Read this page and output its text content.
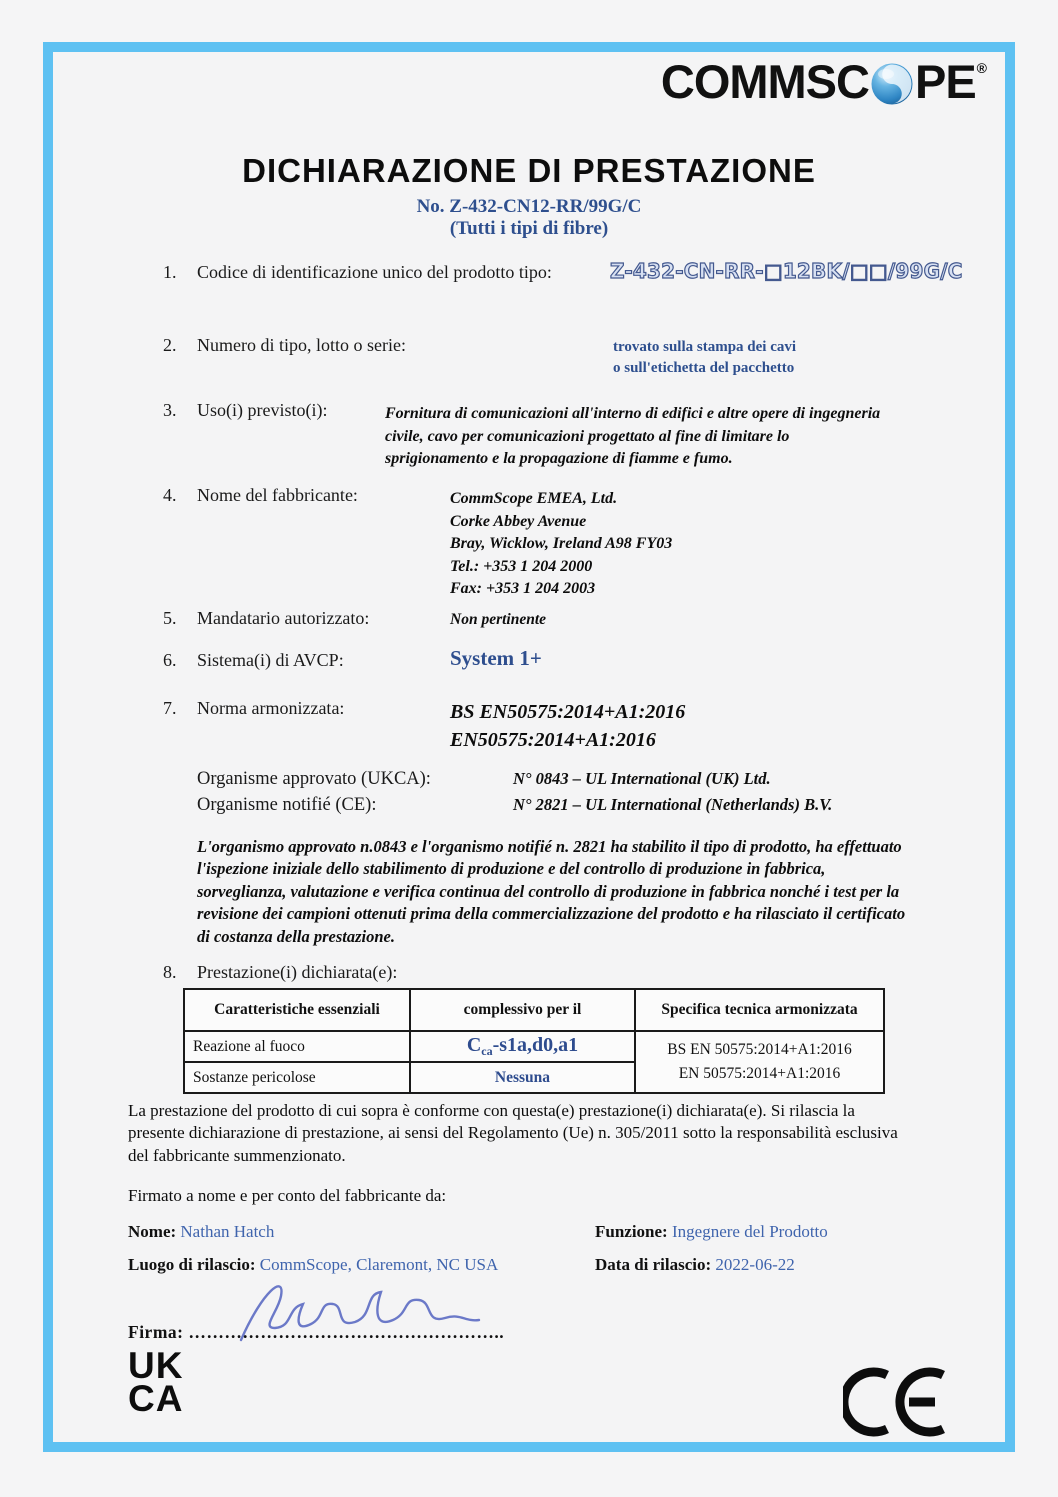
COMMSC PE®
DICHIARAZIONE DI PRESTAZIONE
No. Z-432-CN12-RR/99G/C
(Tutti i tipi di fibre)
1. Codice di identificazione unico del prodotto tipo:	Z-432-CN-RR-□12BK/□□/99G/C
2. Numero di tipo, lotto o serie:	trovato sulla stampa dei cavi
o sull'etichetta del pacchetto
3. Uso(i) previsto(i):	Fornitura di comunicazioni all'interno di edifici e altre opere di ingegneria civile, cavo per comunicazioni progettato al fine di limitare lo sprigionamento e la propagazione di fiamme e fumo.
4. Nome del fabbricante:	CommScope EMEA, Ltd.
Corke Abbey Avenue
Bray, Wicklow, Ireland A98 FY03
Tel.: +353 1 204 2000
Fax: +353 1 204 2003
5. Mandatario autorizzato:	Non pertinente
6. Sistema(i) di AVCP:	System 1+
7. Norma armonizzata:	BS EN50575:2014+A1:2016
EN50575:2014+A1:2016
Organisme approvato (UKCA):	N° 0843 – UL International (UK) Ltd.
Organisme notifié (CE):	N° 2821 – UL International (Netherlands) B.V.
L'organismo approvato n.0843 e l'organismo notifié n. 2821 ha stabilito il tipo di prodotto, ha effettuato l'ispezione iniziale dello stabilimento di produzione e del controllo di produzione in fabbrica, sorveglianza, valutazione e verifica continua del controllo di produzione in fabbrica nonché i test per la revisione dei campioni ottenuti prima della commercializzazione del prodotto e ha rilasciato il certificato di costanza della prestazione.
8. Prestazione(i) dichiarata(e):
Caratteristiche essenziali	complessivo per il	Specifica tecnica armonizzata
Reazione al fuoco	$C_{ca}-s1a,d0,a1$	BS EN 50575:2014+A1:2016
EN 50575:2014+A1:2016

Sostanze pericolose	Nessuna	
La prestazione del prodotto di cui sopra è conforme con questa(e) prestazione(i) dichiarata(e). Si rilascia la presente dichiarazione di prestazione, ai sensi del Regolamento (Ue) n. 305/2011 sotto la responsabilità esclusiva del fabbricante summenzionato.
Firmato a nome e per conto del fabbricante da:
Nome: Nathan Hatch	Funzione: Ingegnere del Prodotto
Luogo di rilascio: CommScope, Claremont, NC USA	Data di rilascio: 2022-06-22
Firma: ……………………………………………..
UK
CA
